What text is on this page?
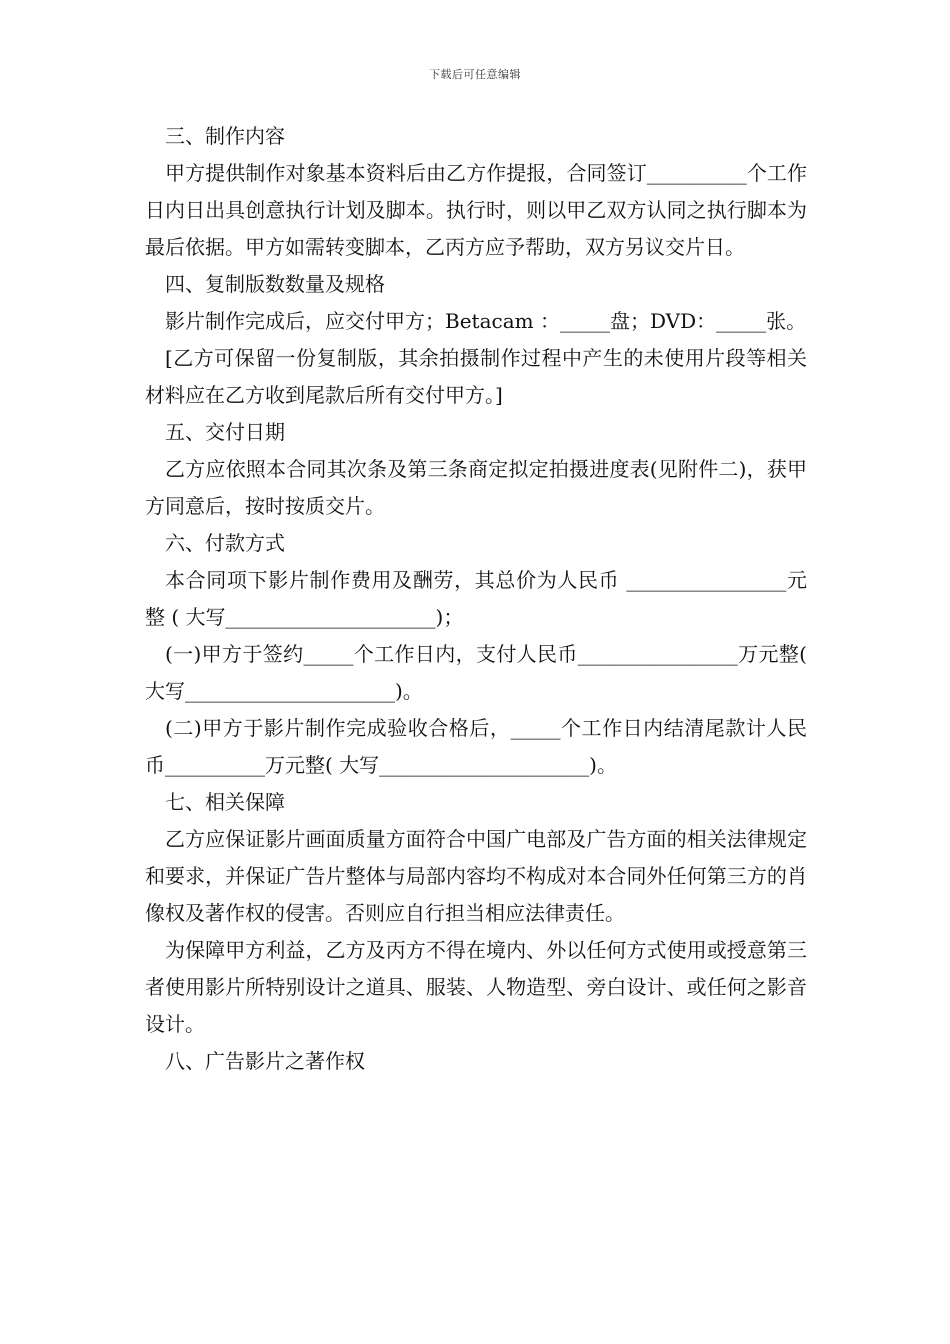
下载后可任意编辑

三、制作内容

甲方提供制作对象基本资料后由乙方作提报，合同签订__________个工作日内日出具创意执行计划及脚本。执行时，则以甲乙双方认同之执行脚本为最后依据。甲方如需转变脚本，乙丙方应予帮助，双方另议交片日。

四、复制版数数量及规格

影片制作完成后，应交付甲方；Betacam ：_____盘；DVD：_____张。

[乙方可保留一份复制版，其余拍摄制作过程中产生的未使用片段等相关材料应在乙方收到尾款后所有交付甲方。]

五、交付日期

乙方应依照本合同其次条及第三条商定拟定拍摄进度表(见附件二)，获甲方同意后，按时按质交片。

六、付款方式

本合同项下影片制作费用及酬劳，其总价为人民币 ________________元整 ( 大写_____________________)；

(一)甲方于签约_____个工作日内，支付人民币________________万元整( 大写_____________________)。

(二)甲方于影片制作完成验收合格后，_____个工作日内结清尾款计人民币__________万元整( 大写_____________________)。

七、相关保障

乙方应保证影片画面质量方面符合中国广电部及广告方面的相关法律规定和要求，并保证广告片整体与局部内容均不构成对本合同外任何第三方的肖像权及著作权的侵害。否则应自行担当相应法律责任。

为保障甲方利益，乙方及丙方不得在境内、外以任何方式使用或授意第三者使用影片所特别设计之道具、服装、人物造型、旁白设计、或任何之影音设计。

八、广告影片之著作权
